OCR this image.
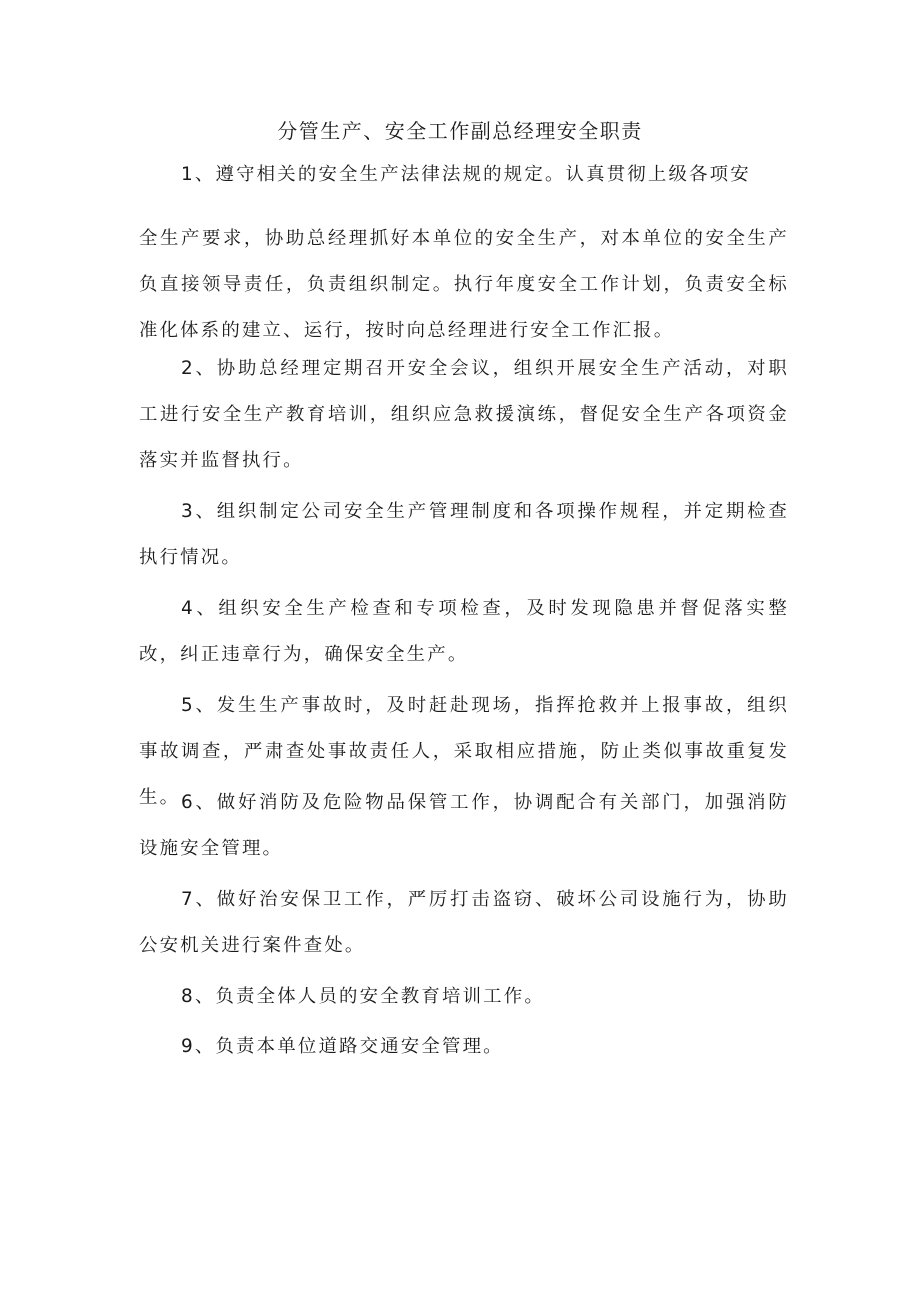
分管生产、安全工作副总经理安全职责

1、遵守相关的安全生产法律法规的规定。认真贯彻上级各项安

全生产要求，协助总经理抓好本单位的安全生产，对本单位的安全生产负直接领导责任，负责组织制定。执行年度安全工作计划，负责安全标准化体系的建立、运行，按时向总经理进行安全工作汇报。

2、协助总经理定期召开安全会议，组织开展安全生产活动，对职工进行安全生产教育培训，组织应急救援演练，督促安全生产各项资金落实并监督执行。

3、组织制定公司安全生产管理制度和各项操作规程，并定期检查执行情况。

4、组织安全生产检查和专项检查，及时发现隐患并督促落实整改，纠正违章行为，确保安全生产。

5、发生生产事故时，及时赶赴现场，指挥抢救并上报事故，组织事故调查，严肃查处事故责任人，采取相应措施，防止类似事故重复发生。 6、做好消防及危险物品保管工作，协调配合有关部门，加强消防设施安全管理。

7、做好治安保卫工作，严厉打击盗窃、破坏公司设施行为，协助公安机关进行案件查处。

8、负责全体人员的安全教育培训工作。

9、负责本单位道路交通安全管理。
